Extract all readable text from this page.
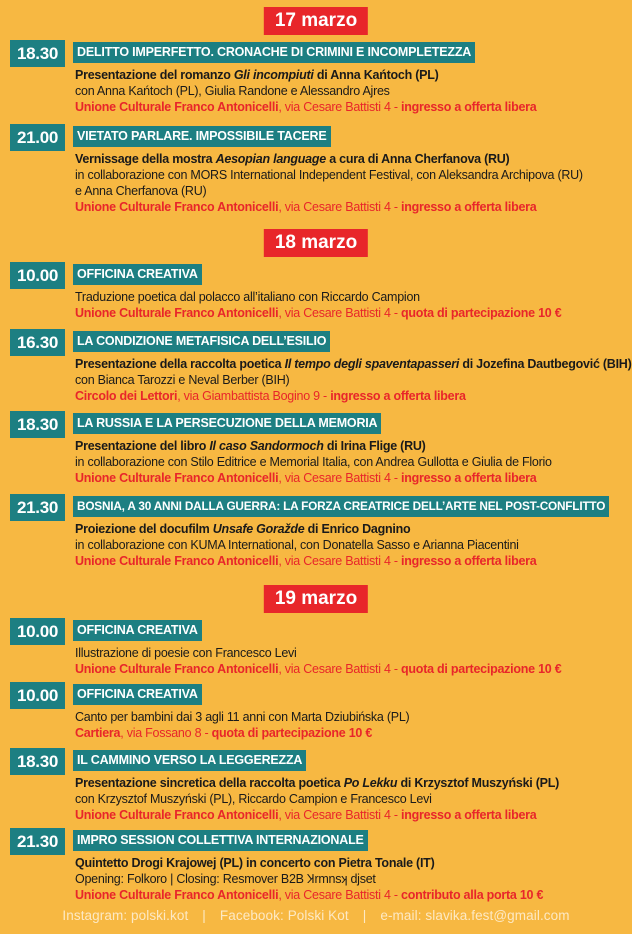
17 marzo
18.30	DELITTO IMPERFETTO. CRONACHE DI CRIMINI E INCOMPLETEZZA
Presentazione del romanzo Gli incompiuti di Anna Kańtoch (PL)
con Anna Kańtoch (PL), Giulia Randone e Alessandro Ajres
Unione Culturale Franco Antonicelli, via Cesare Battisti 4 - ingresso a offerta libera
21.00	VIETATO PARLARE. IMPOSSIBILE TACERE
Vernissage della mostra Aesopian language a cura di Anna Cherfanova (RU)
in collaborazione con MORS International Independent Festival, con Aleksandra Archipova (RU)
e Anna Cherfanova (RU)
Unione Culturale Franco Antonicelli, via Cesare Battisti 4 - ingresso a offerta libera
18 marzo
10.00	OFFICINA CREATIVA
Traduzione poetica dal polacco all’italiano con Riccardo Campion
Unione Culturale Franco Antonicelli, via Cesare Battisti 4 - quota di partecipazione 10 €
16.30	LA CONDIZIONE METAFISICA DELL’ESILIO
Presentazione della raccolta poetica Il tempo degli spaventapasseri di Jozefina Dautbegović (BIH)
con Bianca Tarozzi e Neval Berber (BIH)
Circolo dei Lettori, via Giambattista Bogino 9 - ingresso a offerta libera
18.30	LA RUSSIA E LA PERSECUZIONE DELLA MEMORIA
Presentazione del libro Il caso Sandormoch di Irina Flige (RU)
in collaborazione con Stilo Editrice e Memorial Italia, con Andrea Gullotta e Giulia de Florio
Unione Culturale Franco Antonicelli, via Cesare Battisti 4 - ingresso a offerta libera
21.30	BOSNIA, A 30 ANNI DALLA GUERRA: LA FORZA CREATRICE DELL’ARTE NEL POST-CONFLITTO
Proiezione del docufilm Unsafe Goražde di Enrico Dagnino
in collaborazione con KUMA International, con Donatella Sasso e Arianna Piacentini
Unione Culturale Franco Antonicelli, via Cesare Battisti 4 - ingresso a offerta libera
19 marzo
10.00	OFFICINA CREATIVA
Illustrazione di poesie con Francesco Levi
Unione Culturale Franco Antonicelli, via Cesare Battisti 4 - quota di partecipazione 10 €
10.00	OFFICINA CREATIVA
Canto per bambini dai 3 agli 11 anni con Marta Dziubińska (PL)
Cartiera, via Fossano 8 - quota di partecipazione 10 €
18.30	IL CAMMINO VERSO LA LEGGEREZZA
Presentazione sincretica della raccolta poetica Po Lekku di Krzysztof Muszyński (PL)
con Krzysztof Muszyński (PL), Riccardo Campion e Francesco Levi
Unione Culturale Franco Antonicelli, via Cesare Battisti 4 - ingresso a offerta libera
21.30	IMPRO SESSION COLLETTIVA INTERNAZIONALE
Quintetto Drogi Krajowej (PL) in concerto con Pietra Tonale (IT)
Opening: Folkoro | Closing: Resmover B2B Ʞrmnsʞ djset
Unione Culturale Franco Antonicelli, via Cesare Battisti 4 - contributo alla porta 10 €
Instagram: polski.kot | Facebook: Polski Kot | e-mail: slavika.fest@gmail.com
